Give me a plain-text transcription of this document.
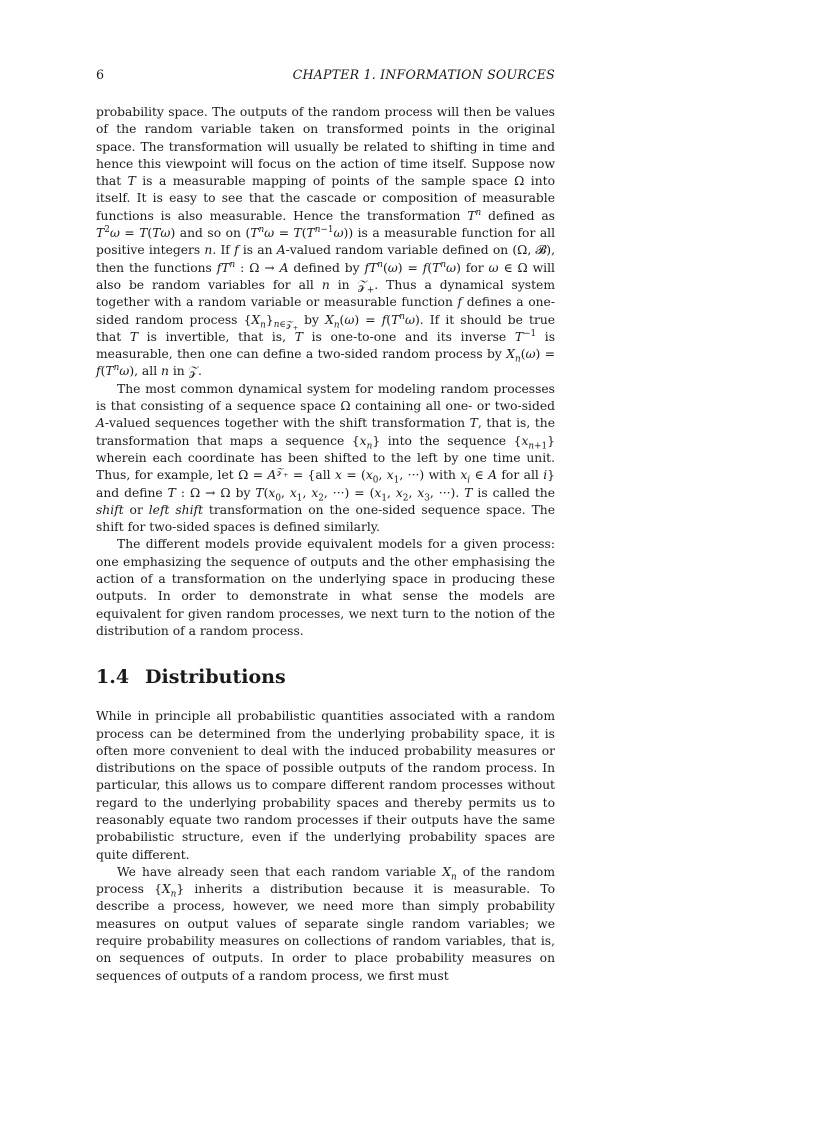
6	CHAPTER 1. INFORMATION SOURCES

probability space. The outputs of the random process will then be values of the random variable taken on transformed points in the original space. The transformation will usually be related to shifting in time and hence this viewpoint will focus on the action of time itself. Suppose now that T is a measurable mapping of points of the sample space Ω into itself. It is easy to see that the cascade or composition of measurable functions is also measurable. Hence the transformation $T^n$ defined as $T^2\omega = T(T\omega)$ and so on $(T^n\omega = T(T^{n-1}\omega))$ is a measurable function for all positive integers n. If f is an A-valued random variable defined on (Ω, 𝓑), then the functions $fT^n$ : Ω → A defined by $fT^n(\omega) = f(T^n\omega)$ for ω ∈ Ω will also be random variables for all n in 𝒵$_+$. Thus a dynamical system together with a random variable or measurable function f defines a one-sided random process $\{X_n\}_{n\in 𝒵_+}$ by $X_n(\omega) = f(T^n\omega)$. If it should be true that T is invertible, that is, T is one-to-one and its inverse $T^{-1}$ is measurable, then one can define a two-sided random process by $X_n(\omega) = f(T^n\omega)$, all n in 𝒵.

The most common dynamical system for modeling random processes is that consisting of a sequence space Ω containing all one- or two-sided A-valued sequences together with the shift transformation T, that is, the transformation that maps a sequence $\{x_n\}$ into the sequence $\{x_{n+1}\}$ wherein each coordinate has been shifted to the left by one time unit. Thus, for example, let $\Omega = A^{𝒵_+} = \{all$ $x = (x_0$, $x_1$, ···) with $x_i$ ∈ A for all i} and define T : Ω → Ω by $T(x_0$, $x_1$, $x_2$, ···) = ($x_1$, $x_2$, $x_3$, ···). T is called the shift or left shift transformation on the one-sided sequence space. The shift for two-sided spaces is defined similarly.

The different models provide equivalent models for a given process: one emphasizing the sequence of outputs and the other emphasising the action of a transformation on the underlying space in producing these outputs. In order to demonstrate in what sense the models are equivalent for given random processes, we next turn to the notion of the distribution of a random process.

1.4 Distributions

While in principle all probabilistic quantities associated with a random process can be determined from the underlying probability space, it is often more convenient to deal with the induced probability measures or distributions on the space of possible outputs of the random process. In particular, this allows us to compare different random processes without regard to the underlying probability spaces and thereby permits us to reasonably equate two random processes if their outputs have the same probabilistic structure, even if the underlying probability spaces are quite different.

We have already seen that each random variable $X_n$ of the random process $\{X_n\}$ inherits a distribution because it is measurable. To describe a process, however, we need more than simply probability measures on output values of separate single random variables; we require probability measures on collections of random variables, that is, on sequences of outputs. In order to place probability measures on sequences of outputs of a random process, we first must
